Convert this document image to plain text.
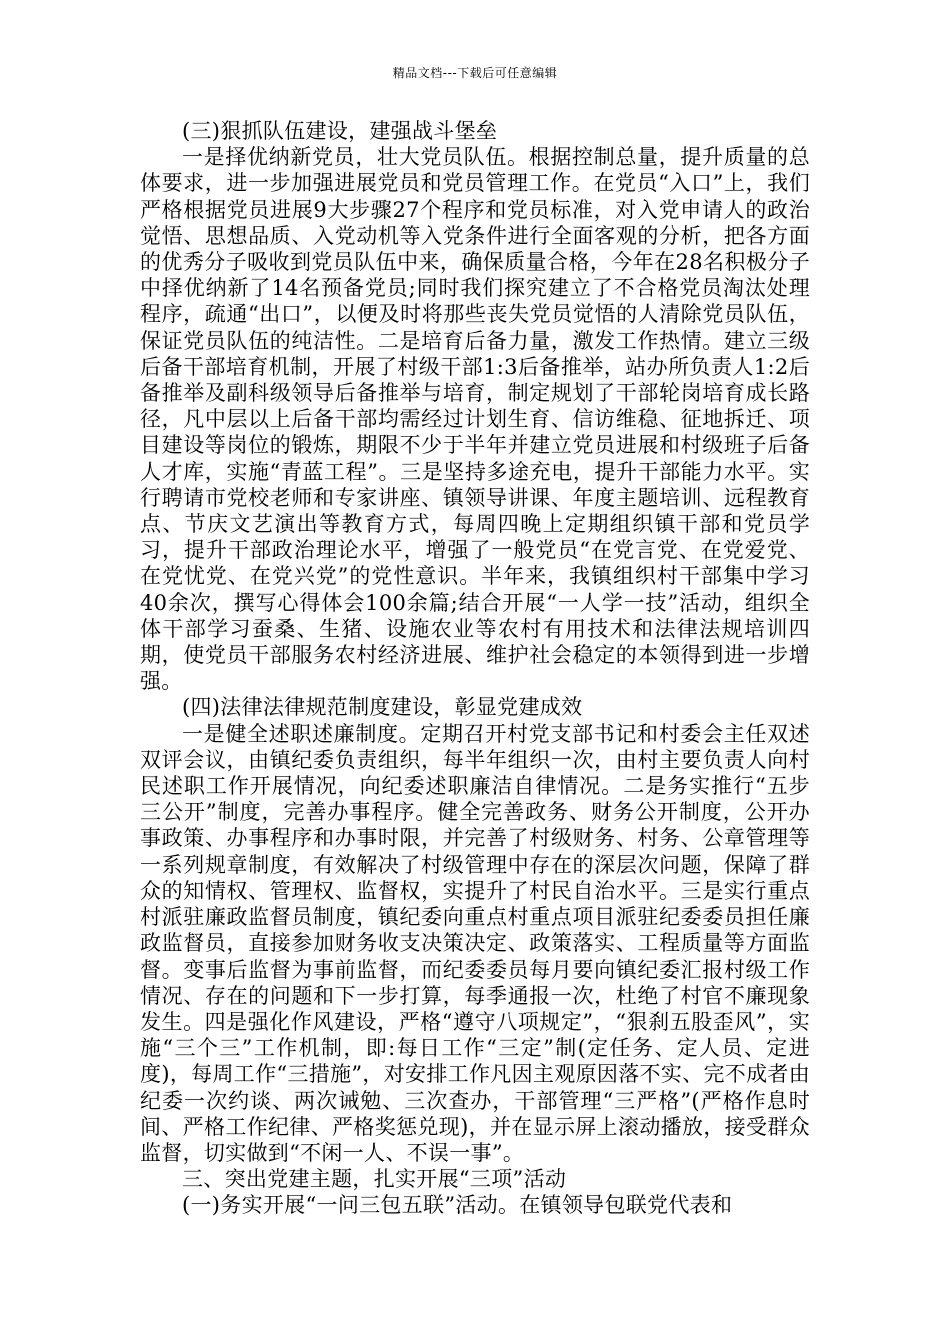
精品文档---下载后可任意编辑

(三)狠抓队伍建设，建强战斗堡垒

一是择优纳新党员，壮大党员队伍。根据控制总量，提升质量的总体要求，进一步加强进展党员和党员管理工作。在党员“入口”上，我们严格根据党员进展9大步骤27个程序和党员标准，对入党申请人的政治觉悟、思想品质、入党动机等入党条件进行全面客观的分析，把各方面的优秀分子吸收到党员队伍中来，确保质量合格，今年在28名积极分子中择优纳新了14名预备党员;同时我们探究建立了不合格党员淘汰处理程序，疏通“出口”，以便及时将那些丧失党员觉悟的人清除党员队伍，保证党员队伍的纯洁性。二是培育后备力量，激发工作热情。建立三级后备干部培育机制，开展了村级干部1:3后备推举，站办所负责人1:2后备推举及副科级领导后备推举与培育，制定规划了干部轮岗培育成长路径，凡中层以上后备干部均需经过计划生育、信访维稳、征地拆迁、项目建设等岗位的锻炼，期限不少于半年并建立党员进展和村级班子后备人才库，实施“青蓝工程”。三是坚持多途充电，提升干部能力水平。实行聘请市党校老师和专家讲座、镇领导讲课、年度主题培训、远程教育点、节庆文艺演出等教育方式，每周四晚上定期组织镇干部和党员学习，提升干部政治理论水平，增强了一般党员“在党言党、在党爱党、在党忧党、在党兴党”的党性意识。半年来，我镇组织村干部集中学习40余次，撰写心得体会100余篇;结合开展“一人学一技”活动，组织全体干部学习蚕桑、生猪、设施农业等农村有用技术和法律法规培训四期，使党员干部服务农村经济进展、维护社会稳定的本领得到进一步增强。

(四)法律法律规范制度建设，彰显党建成效

一是健全述职述廉制度。定期召开村党支部书记和村委会主任双述双评会议，由镇纪委负责组织，每半年组织一次，由村主要负责人向村民述职工作开展情况，向纪委述职廉洁自律情况。二是务实推行“五步三公开”制度，完善办事程序。健全完善政务、财务公开制度，公开办事政策、办事程序和办事时限，并完善了村级财务、村务、公章管理等一系列规章制度，有效解决了村级管理中存在的深层次问题，保障了群众的知情权、管理权、监督权，实提升了村民自治水平。三是实行重点村派驻廉政监督员制度，镇纪委向重点村重点项目派驻纪委委员担任廉政监督员，直接参加财务收支决策决定、政策落实、工程质量等方面监督。变事后监督为事前监督，而纪委委员每月要向镇纪委汇报村级工作情况、存在的问题和下一步打算，每季通报一次，杜绝了村官不廉现象发生。四是强化作风建设，严格“遵守八项规定”，“狠刹五股歪风”，实施“三个三”工作机制，即:每日工作“三定”制(定任务、定人员、定进度)，每周工作“三措施”，对安排工作凡因主观原因落不实、完不成者由纪委一次约谈、两次诫勉、三次查办，干部管理“三严格”(严格作息时间、严格工作纪律、严格奖惩兑现)，并在显示屏上滚动播放，接受群众监督，切实做到“不闲一人、不误一事”。

三、突出党建主题，扎实开展“三项”活动

(一)务实开展“一问三包五联”活动。在镇领导包联党代表和
